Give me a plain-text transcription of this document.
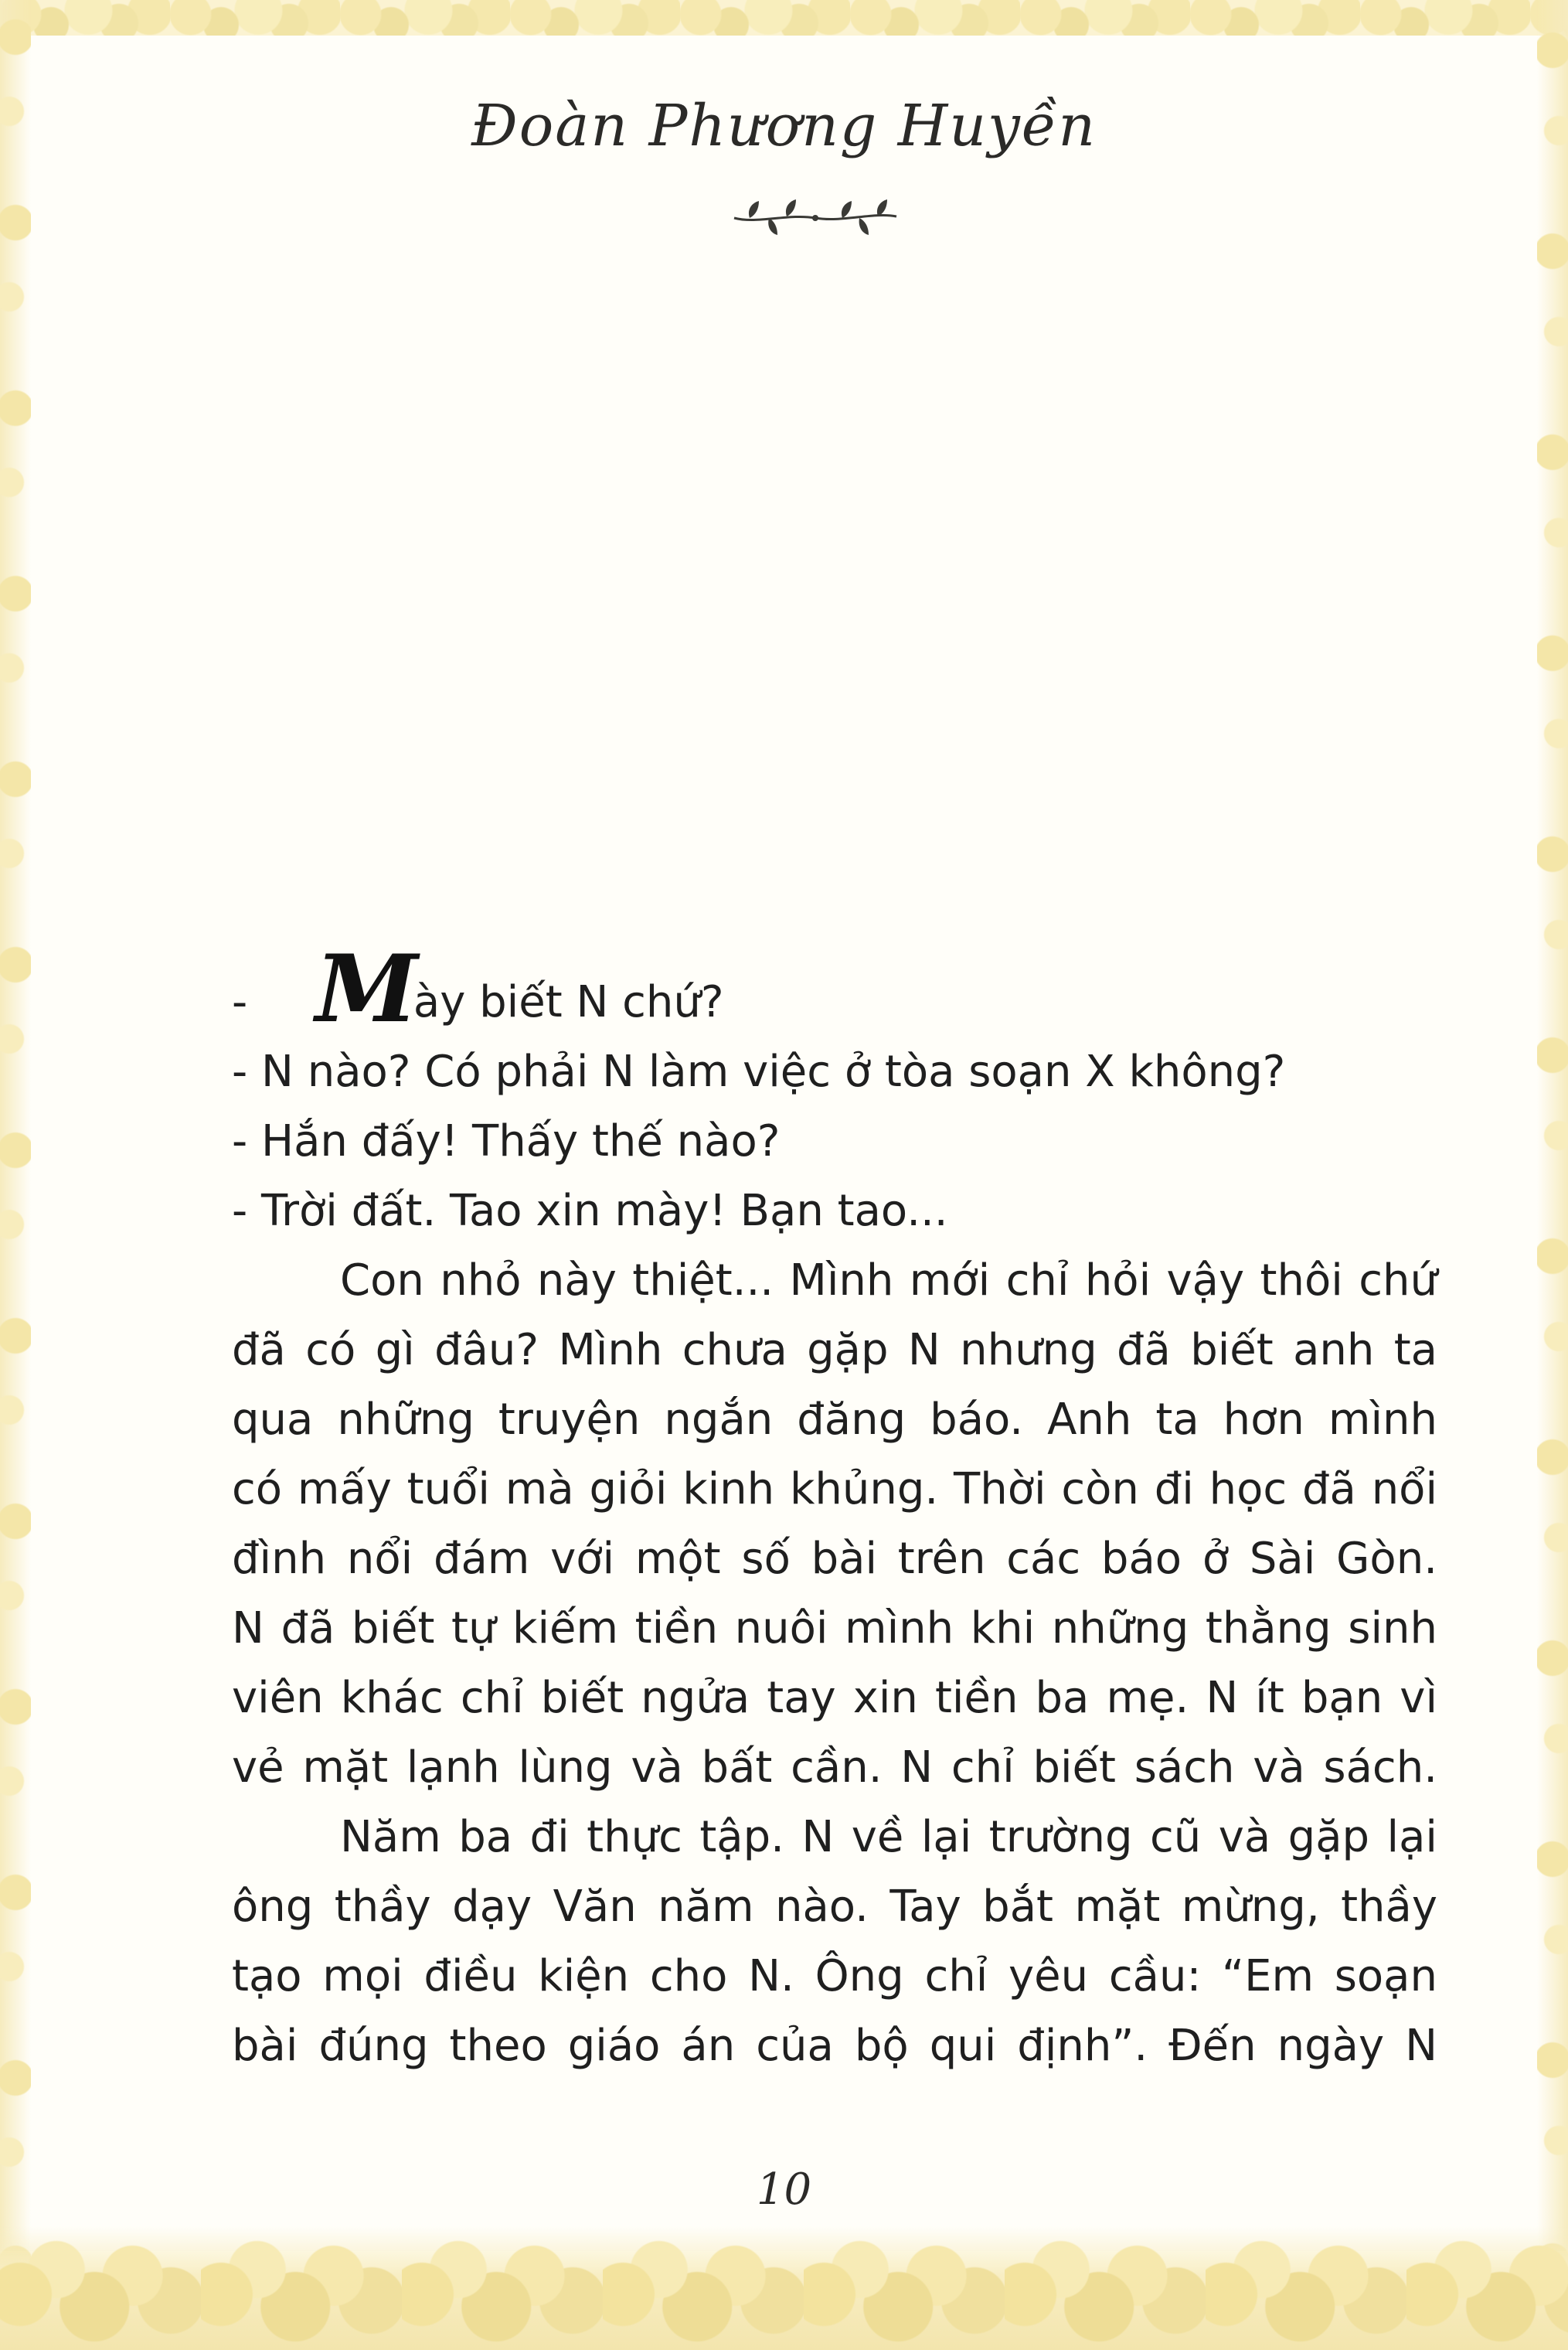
Đoàn Phương Huyền
- Mày biết N chứ?
- N nào? Có phải N làm việc ở tòa soạn X không?
- Hắn đấy! Thấy thế nào?
- Trời đất. Tao xin mày! Bạn tao...
Con nhỏ này thiệt... Mình mới chỉ hỏi vậy thôi chứ
đã có gì đâu? Mình chưa gặp N nhưng đã biết anh ta
qua những truyện ngắn đăng báo. Anh ta hơn mình
có mấy tuổi mà giỏi kinh khủng. Thời còn đi học đã nổi
đình nổi đám với một số bài trên các báo ở Sài Gòn.
N đã biết tự kiếm tiền nuôi mình khi những thằng sinh
viên khác chỉ biết ngửa tay xin tiền ba mẹ. N ít bạn vì
vẻ mặt lạnh lùng và bất cần. N chỉ biết sách và sách.
Năm ba đi thực tập. N về lại trường cũ và gặp lại
ông thầy dạy Văn năm nào. Tay bắt mặt mừng, thầy
tạo mọi điều kiện cho N. Ông chỉ yêu cầu: “Em soạn
bài đúng theo giáo án của bộ qui định”. Đến ngày N
10
